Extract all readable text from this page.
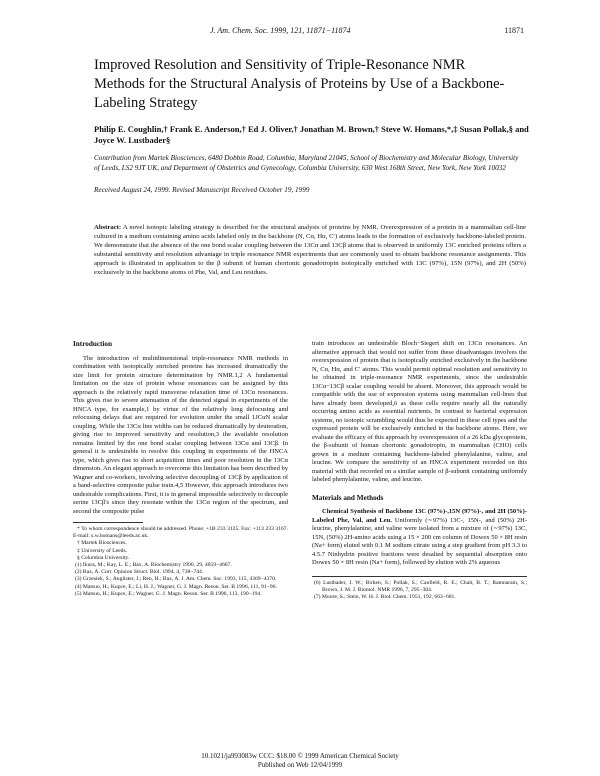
J. Am. Chem. Soc. 1999, 121, 11871−11874	11871
Improved Resolution and Sensitivity of Triple-Resonance NMR Methods for the Structural Analysis of Proteins by Use of a Backbone-Labeling Strategy
Philip E. Coughlin,† Frank E. Anderson,† Ed J. Oliver,† Jonathan M. Brown,† Steve W. Homans,*,‡ Susan Pollak,§ and Joyce W. Lustbader§
Contribution from Martek Biosciences, 6480 Dobbin Road, Columbia, Maryland 21045, School of Biochemistry and Molecular Biology, University of Leeds, LS2 9JT UK, and Department of Obstetrics and Gynecology, Columbia University, 630 West 168th Street, New York, New York 10032
Received August 24, 1999. Revised Manuscript Received October 19, 1999
Abstract: A novel isotopic labeling strategy is described for the structural analysis of proteins by NMR. Overexpression of a protein in a mammalian cell-line cultured in a medium containing amino acids labeled only in the backbone (N, Cα, Hα, C′) atoms leads to the formation of exclusively backbone-labeled protein. We demonstrate that the absence of the one bond scalar coupling between the 13Cα and 13Cβ atoms that is observed in uniformly 13C enriched proteins offers a substantial sensitivity and resolution advantage in triple resonance NMR experiments that are commonly used to obtain backbone resonance assignments. This approach is illustrated in application to the β subunit of human chorionic gonadotropin isotopically enriched with 13C (97%), 15N (97%), and 2H (50%) exclusively in the backbone atoms of Phe, Val, and Leu residues.
Introduction

The introduction of multidimensional triple-resonance NMR methods in combination with isotopically enriched proteins has increased dramatically the size limit for protein structure determination by NMR.1,2 A fundamental limitation on the size of protein whose resonances can be assigned by this approach is the relatively rapid transverse relaxation time of 13Cα resonances. This gives rise to severe attenuation of the detected signal in experiments of the HNCA type, for example,1 by virtue of the relatively long defocusing and refocusing delays that are required for evolution under the small 1JCαN scalar coupling. While the 13Cα line widths can be reduced dramatically by deuteration, giving rise to improved sensitivity and resolution,3 the available resolution remains limited by the one bond scalar coupling between 13Cα and 13Cβ. In general it is undesirable to resolve this coupling in experiments of the HNCA type, which gives rise to short acquisition times and poor resolution in the 13Cα dimension. An elegant approach to overcome this limitation has been described by Wagner and co-workers, involving selective decoupling of 13Cβ by application of a band-selective composite pulse train.4,5 However, this approach introduces two undesirable complications. First, it is in general impossible selectively to decouple serine 13Cβ's since they resonate within the 13Cα region of the spectrum, and second the composite pulse

* To whom correspondence should be addressed. Phone: +1B 233 3125. Fax: +113 233 3167. E-mail: s.w.homans@leeds.ac.uk.

† Martek Biosciences.

‡ University of Leeds.

§ Columbia University.

(1) Ikura, M.; Kay, L. E.; Bax, A. Biochemistry 1990, 29, 4659−4667.

(2) Bax, A. Curr. Opinion Struct. Biol. 1994, 4, 738−744.

(3) Grzesiek, S.; Anglister, J.; Ren, H.; Bax, A. J. Am. Chem. Soc. 1993, 115, 4369−4370.

(4) Matsuo, H.; Kupce, E.; Li, H. J.; Wagner, G. J. Magn. Reson. Ser. B 1996, 111, 91−96.

(5) Matsuo, H.; Kupce, E.; Wagner, G. J. Magn. Reson. Ser. B 1996, 113, 190−194.

train introduces an undesirable Bloch−Siegert shift on 13Cα resonances. An alternative approach that would not suffer from these disadvantages involves the overexpression of protein that is isotopically enriched exclusively in the backbone N, Cα, Hα, and C′ atoms. This would permit optimal resolution and sensitivity to be obtained in triple-resonance NMR experiments, since the undesirable 13Cα−13Cβ scalar coupling would be absent. Moreover, this approach would be compatible with the use of expression systems using mammalian cell-lines that have already been developed,6 as these cells require nearly all the naturally occurring amino acids as essential nutrients. In contrast to bacterial expression systems, no isotopic scrambling would thus be expected in these cell types and the expressed protein will be exclusively enriched in the backbone atoms. Here, we evaluate the efficacy of this approach by overexpression of a 26 kDa glycoprotein, the β-subunit of human chorionic gonadotropin, in mammalian (CHO) cells grown in a medium containing backbone-labeled phenylalanine, valine, and leucine. We compare the sensitivity of an HNCA experiment recorded on this material with that recorded on a similar sample of β-subunit containing uniformly labeled phenylalanine, valine, and leucine.

Materials and Methods

Chemical Synthesis of Backbone 13C (97%)-,15N (97%)-, and 2H (50%)-Labeled Phe, Val, and Leu. Uniformly (∼97%) 13C-, 15N-, and (50%) 2H-leucine, phenylalanine, and valine were isolated from a mixture of (∼97%) 13C, 15N, (50%) 2H-amino acids using a 15 × 200 cm column of Dowex 50 × 8H resin (Na+ form) eluted with 0.1 M sodium citrate using a step gradient from pH 3.3 to 4.5.7 Ninhydrin positive fractions were desalted by sequential absorption onto Dowex 50 × 8H resin (Na+ form), followed by elution with 2% aqueous

(6) Lustbader, J. W.; Birken, S.; Pollak, S.; Canfield, R. E.; Chait, B. T.; Ramnarain, S.; Brown, J. M. J. Biomol. NMR 1996, 7, 295−304.

(7) Moore, S.; Stein, W. H. J. Biol. Chem. 1951, 192, 663−681.

10.1021/ja993083w CCC: $18.00 © 1999 American Chemical Society
Published on Web 12/04/1999
